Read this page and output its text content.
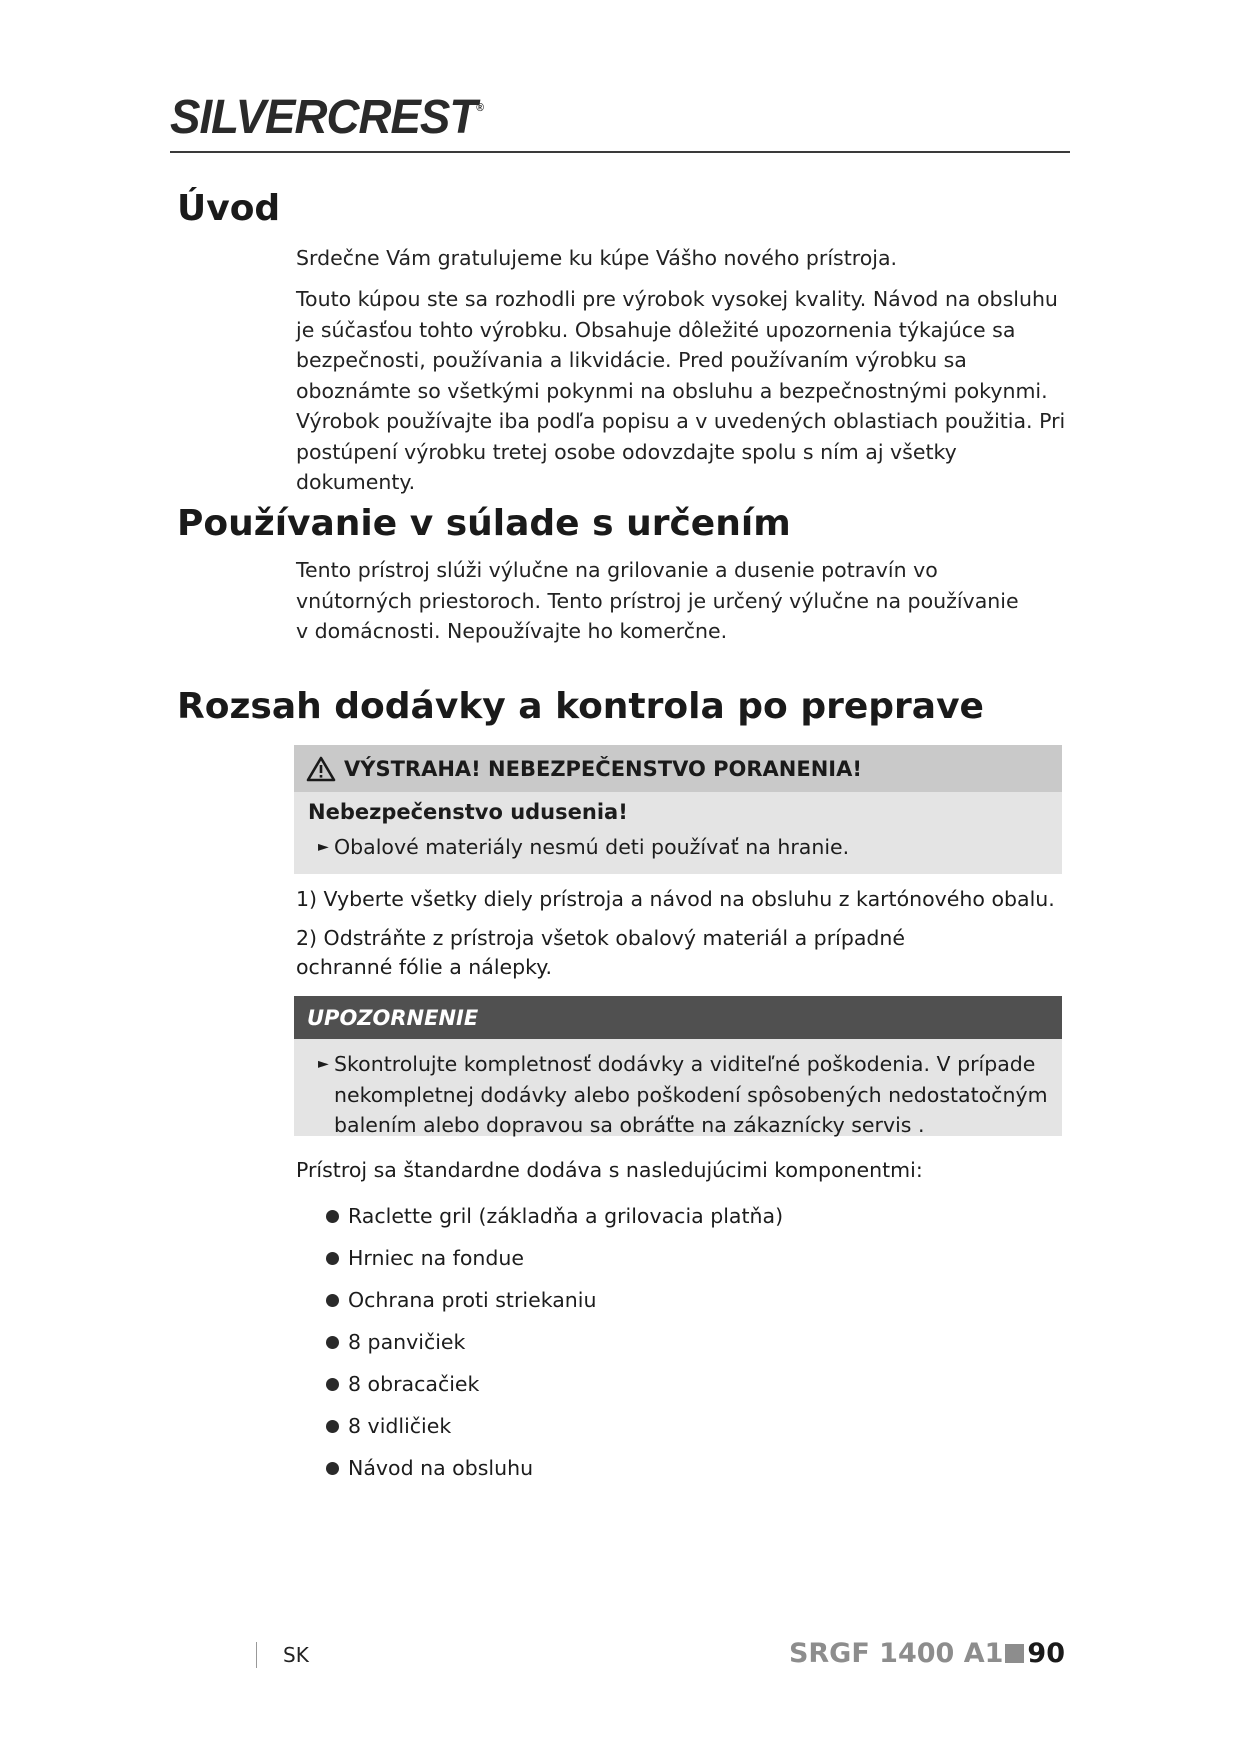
SILVERCREST®
Úvod

Srdečne Vám gratulujeme ku kúpe Vášho nového prístroja.

Touto kúpou ste sa rozhodli pre výrobok vysokej kvality. Návod na obsluhu je súčasťou tohto výrobku. Obsahuje dôležité upozornenia týkajúce sa bezpečnosti, používania a likvidácie. Pred používaním výrobku sa oboznámte so všetkými pokynmi na obsluhu a bezpečnostnými pokynmi. Výrobok používajte iba podľa popisu a v uvedených oblastiach použitia. Pri postúpení výrobku tretej osobe odovzdajte spolu s ním aj všetky dokumenty.

Používanie v súlade s určením

Tento prístroj slúži výlučne na grilovanie a dusenie potravín vo vnútorných priestoroch. Tento prístroj je určený výlučne na používanie v domácnosti. Nepoužívajte ho komerčne.

Rozsah dodávky a kontrola po preprave
VÝSTRAHA! NEBEZPEČENSTVO PORANENIA!

Nebezpečenstvo udusenia!

► Obalové materiály nesmú deti používať na hranie.
1) Vyberte všetky diely prístroja a návod na obsluhu z kartónového obalu.
2) Odstráňte z prístroja všetok obalový materiál a prípadné ochranné fólie a nálepky.
UPOZORNENIE
► Skontrolujte kompletnosť dodávky a viditeľné poškodenia. V prípade nekompletnej dodávky alebo poškodení spôsobených nedostatočným balením alebo dopravou sa obráťte na zákaznícky servis .

Prístroj sa štandardne dodáva s nasledujúcimi komponentmi:

Raclette gril (základňa a grilovacia platňa)
Hrniec na fondue
Ochrana proti striekaniu
8 panvičiek
8 obracačiek
8 vidličiek
Návod na obsluhu
SK	SRGF 1400 A1 90
